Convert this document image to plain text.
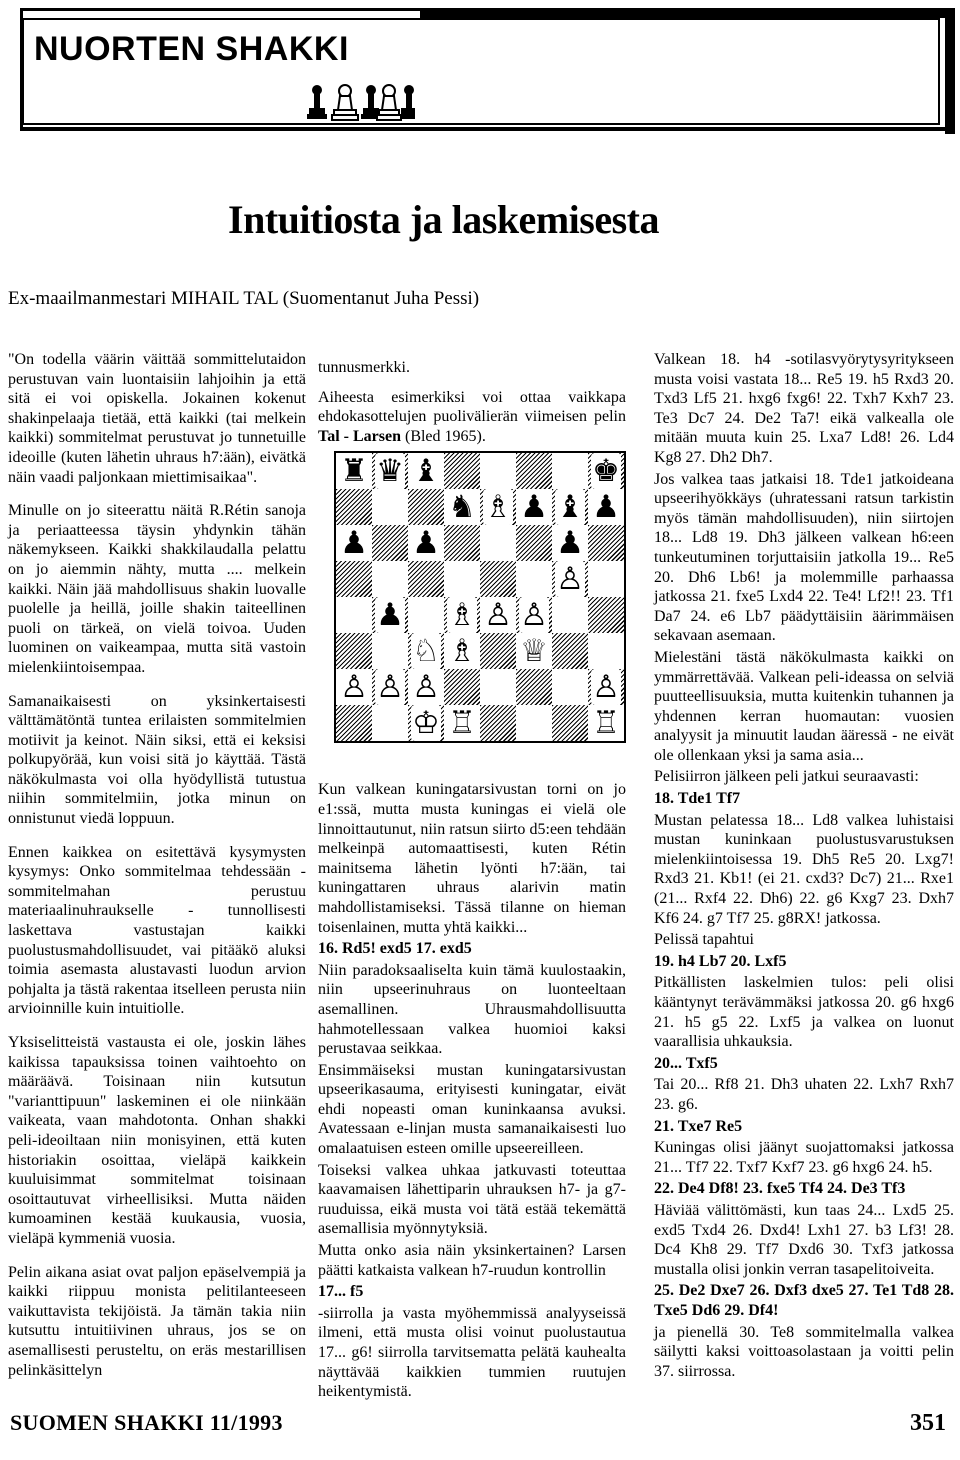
NUORTEN SHAKKI
Intuitiosta ja laskemisesta
Ex-maailmanmestari MIHAIL TAL (Suomentanut Juha Pessi)

"On todella väärin väittää sommittelutaidon perustuvan vain luontaisiin lahjoihin ja että sitä ei voi opiskella. Jokainen kokenut shakinpelaaja tietää, että kaikki (tai melkein kaikki) sommitelmat perustuvat jo tunnetuille ideoille (kuten lähetin uhraus h7:ään), eivätkä näin vaadi paljonkaan miettimisaikaa".

Minulle on jo siteerattu näitä R.Rétin sanoja ja periaatteessa täysin yhdynkin tähän näkemykseen. Kaikki shakkilaudalla pelattu on jo aiemmin nähty, mutta .... melkein kaikki. Näin jää mahdollisuus shakin luovalle puolelle ja heillä, joille shakin taiteellinen puoli on tärkeä, on vielä toivoa. Uuden luominen on vaikeampaa, mutta sitä vastoin mielenkiintoisempaa.

Samanaikaisesti on yksinkertaisesti välttämätöntä tuntea erilaisten sommitelmien motiivit ja keinot. Näin siksi, että ei keksisi polkupyörää, kun voisi sitä jo käyttää. Tästä näkökulmasta voi olla hyödyllistä tutustua niihin sommitelmiin, jotka minun on onnistunut viedä loppuun.

Ennen kaikkea on esitettävä kysymysten kysymys: Onko sommitelmaa tehdessään - sommitelmahan perustuu materiaalinuhraukselle - tunnollisesti laskettava vastustajan kaikki puolustusmahdollisuudet, vai pitääkö aluksi toimia asemasta alustavasti luodun arvion pohjalta ja tästä rakentaa itselleen perusta niin arvioinnille kuin intuitiolle.

Yksiselitteistä vastausta ei ole, joskin lähes kaikissa tapauksissa toinen vaihtoehto on määräävä. Toisinaan niin kutsutun "varianttipuun" laskeminen ei ole niinkään vaikeata, vaan mahdotonta. Onhan shakki peli-ideoiltaan niin monisyinen, että kuten historiakin osoittaa, vieläpä kaikkein kuuluisimmat sommitelmat toisinaan osoittautuvat virheellisiksi. Mutta näiden kumoaminen kestää kuukausia, vuosia, vieläpä kymmeniä vuosia.

Pelin aikana asiat ovat paljon epäselvempiä ja kaikki riippuu monista pelitilanteeseen vaikuttavista tekijöistä. Ja tämän takia niin kutsuttu intuitiivinen uhraus, jos se on asemallisesti perusteltu, on eräs mestarillisen pelinkäsittelyn

tunnusmerkki.

Aiheesta esimerkiksi voi ottaa vaikkapa ehdokasottelujen puolivälierän viimeisen pelin Tal - Larsen (Bled 1965).

Kun valkean kuningatarsivustan torni on jo e1:ssä, mutta musta kuningas ei vielä ole linnoittautunut, niin ratsun siirto d5:een tehdään melkeinpä automaattisesti, kuten Rétin mainitsema lähetin lyönti h7:ään, tai kuningattaren uhraus alarivin matin mahdollistamiseksi. Tässä tilanne on hieman toisenlainen, mutta yhtä kaikki...

16. Rd5! exd5 17. exd5

Niin paradoksaaliselta kuin tämä kuulostaakin, niin upseerinuhraus on luonteeltaan asemallinen. Uhrausmahdollisuutta hahmotellessaan valkea huomioi kaksi perustavaa seikkaa.

Ensimmäiseksi mustan kuningatarsivustan upseerikasauma, erityisesti kuningatar, eivät ehdi nopeasti oman kuninkaansa avuksi. Avatessaan e-linjan musta samanaikaisesti luo omalaatuisen esteen omille upseereilleen.

Toiseksi valkea uhkaa jatkuvasti toteuttaa kaavamaisen lähettiparin uhrauksen h7- ja g7-ruuduissa, eikä musta voi tätä estää tekemättä asemallisia myönnytyksiä.

Mutta onko asia näin yksinkertainen? Larsen päätti katkaista valkean h7-ruudun kontrollin

17... f5

-siirrolla ja vasta myöhemmissä analyyseissä ilmeni, että musta olisi voinut puolustautua 17... g6! siirrolla tarvitsematta pelätä kauhealta näyttävää kaikkien tummien ruutujen heikentymistä.

♜ ♛ ♝	♚
♞ ♗ ♟ ♝ ♟
♟ ♟	♟
♙
♟ ♗ ♙ ♙
♘ ♗ ♕
♙ ♙ ♙	♙
♖
♔	♖

Valkean 18. h4 -sotilasvyörytysyritykseen musta voisi vastata 18... Re5 19. h5 Rxd3 20. Txd3 Lf5 21. hxg6 fxg6! 22. Txh7 Kxh7 23. Te3 Dc7 24. De2 Ta7! eikä valkealla ole mitään muuta kuin 25. Lxa7 Ld8! 26. Ld4 Kg8 27. Dh2 Dh7.

Jos valkea taas jatkaisi 18. Tde1 jatkoideana upseerihyökkäys (uhratessani ratsun tarkistin myös tämän mahdollisuuden), niin siirtojen 18... Ld8 19. Dh3 jälkeen valkean h6:een tunkeutuminen torjuttaisiin jatkolla 19... Re5 20. Dh6 Lb6! ja molemmille parhaassa jatkossa 21. fxe5 Lxd4 22. Te4! Lf2!! 23. Tf1 Da7 24. e6 Lb7 päädyttäisiin äärimmäisen sekavaan asemaan.

Mielestäni tästä näkökulmasta kaikki on ymmärrettävää. Valkean peli-ideassa on selviä puutteellisuuksia, mutta kuitenkin tuhannen ja yhdennen kerran huomautan: vuosien analyysit ja minuutit laudan ääressä - ne eivät ole ollenkaan yksi ja sama asia...

Pelisiirron jälkeen peli jatkui seuraavasti:

18. Tde1 Tf7

Mustan pelatessa 18... Ld8 valkea luhistaisi mustan kuninkaan puolustusvarustuksen mielenkiintoisessa 19. Dh5 Re5 20. Lxg7! Rxd3 21. Kb1! (ei 21. cxd3? Dc7) 21... Rxe1 (21... Rxf4 22. Dh6) 22. g6 Kxg7 23. Dxh7 Kf6 24. g7 Tf7 25. g8RX! jatkossa.

Pelissä tapahtui

19. h4 Lb7 20. Lxf5

Pitkällisten laskelmien tulos: peli olisi kääntynyt terävämmäksi jatkossa 20. g6 hxg6 21. h5 g5 22. Lxf5 ja valkea on luonut vaarallisia uhkauksia.

20... Txf5

Tai 20... Rf8 21. Dh3 uhaten 22. Lxh7 Rxh7 23. g6.

21. Txe7 Re5

Kuningas olisi jäänyt suojattomaksi jatkossa 21... Tf7 22. Txf7 Kxf7 23. g6 hxg6 24. h5.

22. De4 Df8! 23. fxe5 Tf4 24. De3 Tf3

Häviää välittömästi, kun taas 24... Lxd5 25. exd5 Txd4 26. Dxd4! Lxh1 27. b3 Lf3! 28. Dc4 Kh8 29. Tf7 Dxd6 30. Txf3 jatkossa mustalla olisi jonkin verran tasapelitoiveita.

25. De2 Dxe7 26. Dxf3 dxe5 27. Te1 Td8 28. Txe5 Dd6 29. Df4!

ja pienellä 30. Te8 sommitelmalla valkea säilytti kaksi voittoasolastaan ja voitti pelin 37. siirrossa.

SUOMEN SHAKKI 11/1993	351
